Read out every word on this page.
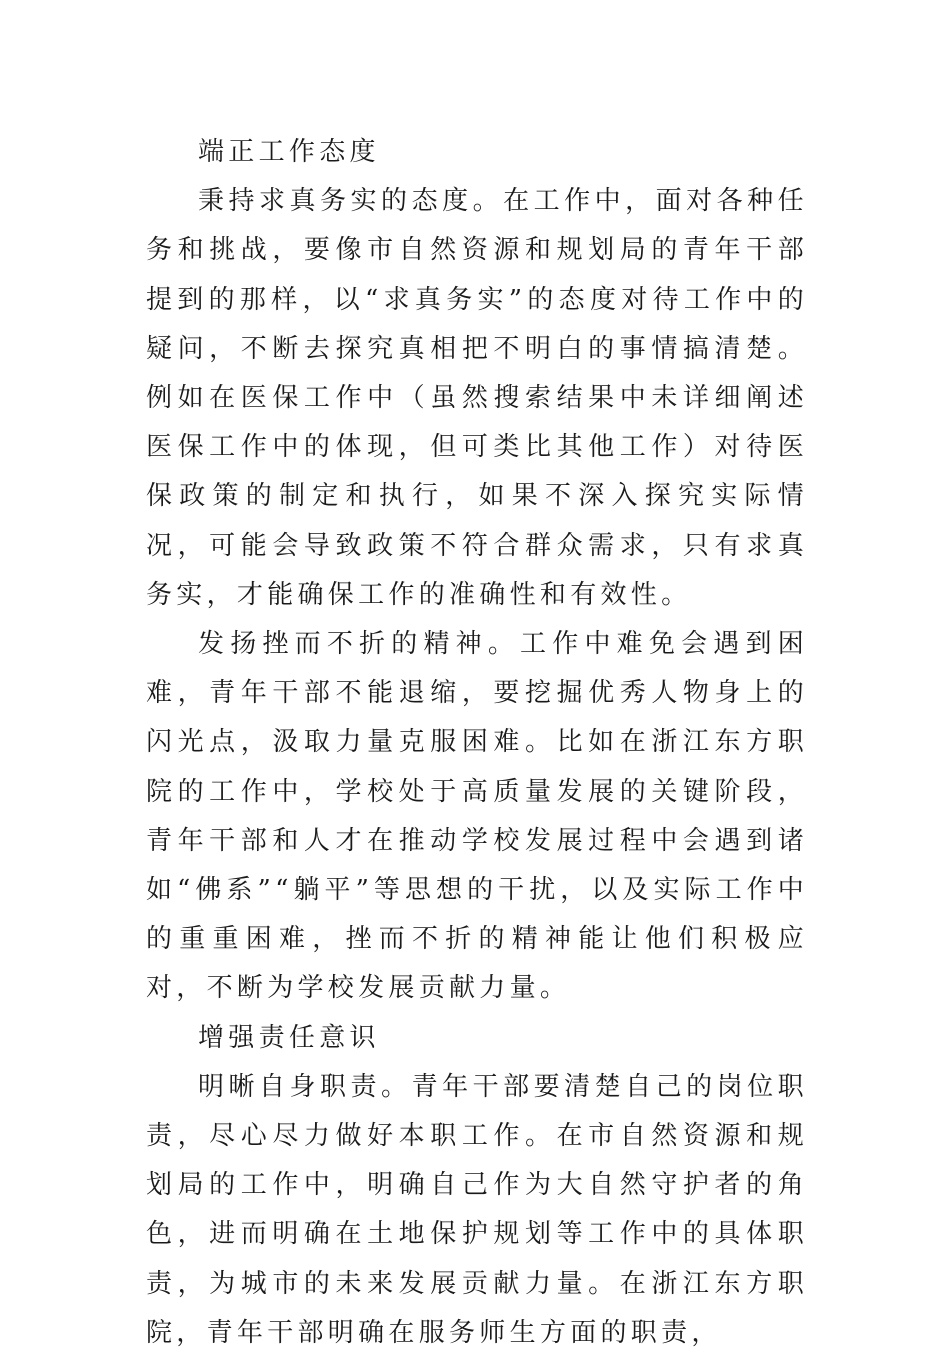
端正工作态度

秉持求真务实的态度。在工作中，面对各种任务和挑战，要像市自然资源和规划局的青年干部提到的那样，以“求真务实”的态度对待工作中的疑问，不断去探究真相把不明白的事情搞清楚。例如在医保工作中（虽然搜索结果中未详细阐述医保工作中的体现，但可类比其他工作）对待医保政策的制定和执行，如果不深入探究实际情况，可能会导致政策不符合群众需求，只有求真务实，才能确保工作的准确性和有效性。

发扬挫而不折的精神。工作中难免会遇到困难，青年干部不能退缩，要挖掘优秀人物身上的闪光点，汲取力量克服困难。比如在浙江东方职院的工作中，学校处于高质量发展的关键阶段，青年干部和人才在推动学校发展过程中会遇到诸如“佛系”“躺平”等思想的干扰，以及实际工作中的重重困难，挫而不折的精神能让他们积极应对，不断为学校发展贡献力量。

增强责任意识

明晰自身职责。青年干部要清楚自己的岗位职责，尽心尽力做好本职工作。在市自然资源和规划局的工作中，明确自己作为大自然守护者的角色，进而明确在土地保护规划等工作中的具体职责，为城市的未来发展贡献力量。在浙江东方职院，青年干部明确在服务师生方面的职责，
